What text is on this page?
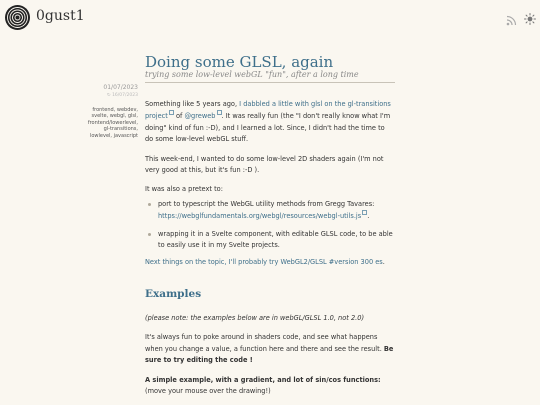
0gust1
Doing some GLSL, again
trying some low-level webGL "fun", after a long time
01/07/2023
↻ 16/07/2023
frontend, webdev,
svelte, webgl, glsl,
frontend/lowerlevel,
gl-transitions,
lowlevel, javascript

Something like 5 years ago, I dabbled a little with glsl on the gl-transitions project of @greweb . It was really fun (the "I don't really know what I'm doing" kind of fun :-D), and I learned a lot. Since, I didn't had the time to do some low-level webGL stuff.

This week-end, I wanted to do some low-level 2D shaders again (I'm not very good at this, but it's fun :-D ).

It was also a pretext to:

port to typescript the WebGL utility methods from Gregg Tavares: https://webglfundamentals.org/webgl/resources/webgl-utils.js .
wrapping it in a Svelte component, with editable GLSL code, to be able to easily use it in my Svelte projects.

Next things on the topic, I'll probably try WebGL2/GLSL #version 300 es.

Examples

(please note: the examples below are in webGL/GLSL 1.0, not 2.0)

It's always fun to poke around in shaders code, and see what happens when you change a value, a function here and there and see the result. Be sure to try editing the code !

A simple example, with a gradient, and lot of sin/cos functions:
(move your mouse over the drawing!)
